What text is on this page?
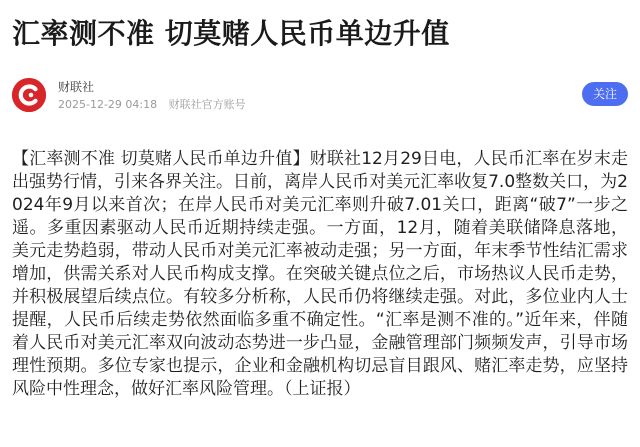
汇率测不准 切莫赌人民币单边升值
财联社
2025-12-29 04:18 财联社官方账号
关注
【汇率测不准 切莫赌人民币单边升值】财联社12月29日电，人民币汇率在岁末走出强势行情，引来各界关注。日前，离岸人民币对美元汇率收复7.0整数关口，为2024年9月以来首次；在岸人民币对美元汇率则升破7.01关口，距离“破7”一步之遥。多重因素驱动人民币近期持续走强。一方面，12月，随着美联储降息落地，美元走势趋弱，带动人民币对美元汇率被动走强；另一方面，年末季节性结汇需求增加，供需关系对人民币构成支撑。在突破关键点位之后，市场热议人民币走势，并积极展望后续点位。有较多分析称，人民币仍将继续走强。对此，多位业内人士提醒，人民币后续走势依然面临多重不确定性。“汇率是测不准的。”近年来，伴随着人民币对美元汇率双向波动态势进一步凸显，金融管理部门频频发声，引导市场理性预期。多位专家也提示，企业和金融机构切忌盲目跟风、赌汇率走势，应坚持风险中性理念，做好汇率风险管理。（上证报）
